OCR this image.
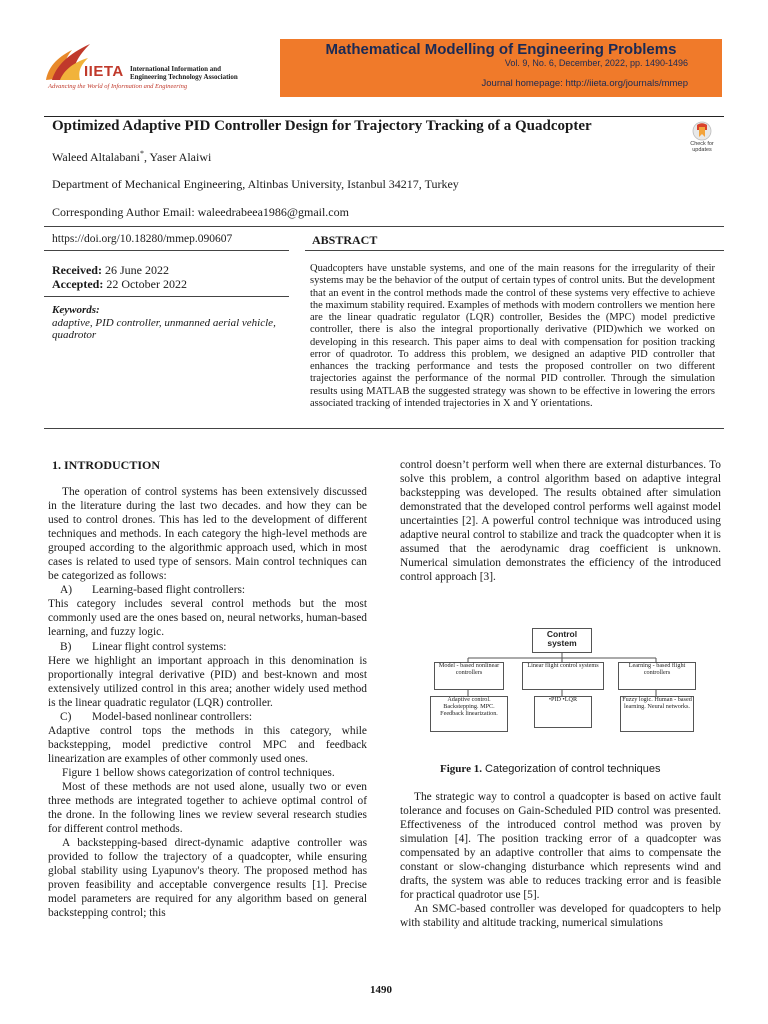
IIETA International Information and
Engineering Technology Association
Advancing the World of Information and Engineering
Mathematical Modelling of Engineering Problems
Vol. 9, No. 6, December, 2022, pp. 1490-1496
Journal homepage: http://iieta.org/journals/mmep
Optimized Adaptive PID Controller Design for Trajectory Tracking of a Quadcopter
Check for updates
Waleed Altalabani*, Yaser Alaiwi
Department of Mechanical Engineering, Altinbas University, Istanbul 34217, Turkey
Corresponding Author Email: waleedrabeea1986@gmail.com
https://doi.org/10.18280/mmep.090607	ABSTRACT
Received: 26 June 2022
Accepted: 22 October 2022
Keywords:
adaptive, PID controller, unmanned aerial vehicle, quadrotor
Quadcopters have unstable systems, and one of the main reasons for the irregularity of their systems may be the behavior of the output of certain types of control units. But the development that an event in the control methods made the control of these systems very effective to achieve the maximum stability required. Examples of methods with modern controllers we mention here are the linear quadratic regulator (LQR) controller, Besides the (MPC) model predictive controller, there is also the integral proportionally derivative (PID)which we worked on developing in this research. This paper aims to deal with compensation for position tracking error of quadrotor. To address this problem, we designed an adaptive PID controller that enhances the tracking performance and tests the proposed controller on two different trajectories against the performance of the normal PID controller. Through the simulation results using MATLAB the suggested strategy was shown to be effective in lowering the errors associated tracking of intended trajectories in X and Y orientations.
1. INTRODUCTION

The operation of control systems has been extensively discussed in the literature during the last two decades. and how they can be used to control drones. This has led to the development of different techniques and methods. In each category the high-level methods are grouped according to the algorithmic approach used, which in most cases is related to used type of sensors. Main control techniques can be categorized as follows:

A) Learning-based flight controllers:

This category includes several control methods but the most commonly used are the ones based on, neural networks, human-based learning, and fuzzy logic.

B) Linear flight control systems:

Here we highlight an important approach in this denomination is proportionally integral derivative (PID) and best-known and most extensively utilized control in this area; another widely used method is the linear quadratic regulator (LQR) controller.

C) Model-based nonlinear controllers:

Adaptive control tops the methods in this category, while backstepping, model predictive control MPC and feedback linearization are examples of other commonly used ones.

Figure 1 bellow shows categorization of control techniques.

Most of these methods are not used alone, usually two or even three methods are integrated together to achieve optimal control of the drone. In the following lines we review several research studies for different control methods.

A backstepping-based direct-dynamic adaptive controller was provided to follow the trajectory of a quadcopter, while ensuring global stability using Lyapunov's theory. The proposed method has proven feasibility and acceptable convergence results [1]. Precise model parameters are required for any algorithm based on general backstepping control; this

control doesn’t perform well when there are external disturbances. To solve this problem, a control algorithm based on adaptive integral backstepping was developed. The results obtained after simulation demonstrated that the developed control performs well against model uncertainties [2]. A powerful control technique was introduced using adaptive neural control to stabilize and track the quadcopter when it is assumed that the aerodynamic drag coefficient is unknown. Numerical simulation demonstrates the efficiency of the introduced control approach [3].

Control system
Model - based nonlinear controllers
Linear flight control systems	Learning - based flight controllers
Adaptive control. Backstepping. MPC. Feedback linearization.
•PID •LQR	Fuzzy logic. Human - based learning. Neural networks.
Figure 1. Categorization of control techniques

The strategic way to control a quadcopter is based on active fault tolerance and focuses on Gain-Scheduled PID control was presented. Effectiveness of the introduced control method was proven by simulation [4]. The position tracking error of a quadcopter was compensated by an adaptive controller that aims to compensate the constant or slow-changing disturbance which represents wind and drafts, the system was able to reduces tracking error and is feasible for practical quadrotor use [5].

An SMC-based controller was developed for quadcopters to help with stability and altitude tracking, numerical simulations

1490
